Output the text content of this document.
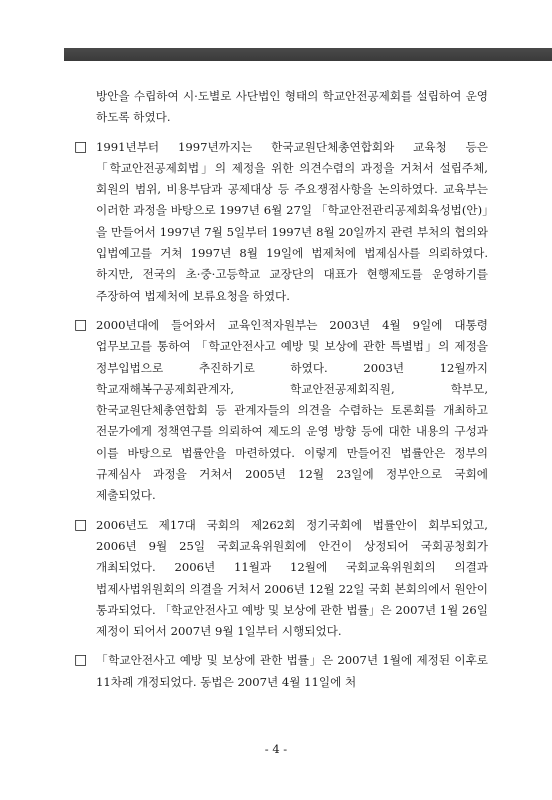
방안을 수립하여 시·도별로 사단법인 형태의 학교안전공제회를 설립하여 운영하도록 하였다.

□ 1991년부터 1997년까지는 한국교원단체총연합회와 교육청 등은 「학교안전공제회법」의 제정을 위한 의견수렴의 과정을 거쳐서 설립주체, 회원의 범위, 비용부담과 공제대상 등 주요쟁점사항을 논의하였다. 교육부는 이러한 과정을 바탕으로 1997년 6월 27일 「학교안전관리공제회육성법(안)」을 만들어서 1997년 7월 5일부터 1997년 8월 20일까지 관련 부처의 협의와 입법예고를 거쳐 1997년 8월 19일에 법제처에 법제심사를 의뢰하였다. 하지만, 전국의 초·중·고등학교 교장단의 대표가 현행제도를 운영하기를 주장하여 법제처에 보류요청을 하였다.
□ 2000년대에 들어와서 교육인적자원부는 2003년 4월 9일에 대통령 업무보고를 통하여 「학교안전사고 예방 및 보상에 관한 특별법」의 제정을 정부입법으로 추진하기로 하였다. 2003년 12월까지 학교재해복구공제회관계자, 학교안전공제회직원, 학부모, 한국교원단체총연합회 등 관계자들의 의견을 수렴하는 토론회를 개최하고 전문가에게 정책연구를 의뢰하여 제도의 운영 방향 등에 대한 내용의 구성과 이를 바탕으로 법률안을 마련하였다. 이렇게 만들어진 법률안은 정부의 규제심사 과정을 거쳐서 2005년 12월 23일에 정부안으로 국회에 제출되었다.
□ 2006년도 제17대 국회의 제262회 정기국회에 법률안이 회부되었고, 2006년 9월 25일 국회교육위원회에 안건이 상정되어 국회공청회가 개최되었다. 2006년 11월과 12월에 국회교육위원회의 의결과 법제사법위원회의 의결을 거쳐서 2006년 12월 22일 국회 본회의에서 원안이 통과되었다. 「학교안전사고 예방 및 보상에 관한 법률」은 2007년 1월 26일 제정이 되어서 2007년 9월 1일부터 시행되었다.
□ 「학교안전사고 예방 및 보상에 관한 법률」은 2007년 1월에 제정된 이후로 11차례 개정되었다. 동법은 2007년 4월 11일에 처
- 4 -
